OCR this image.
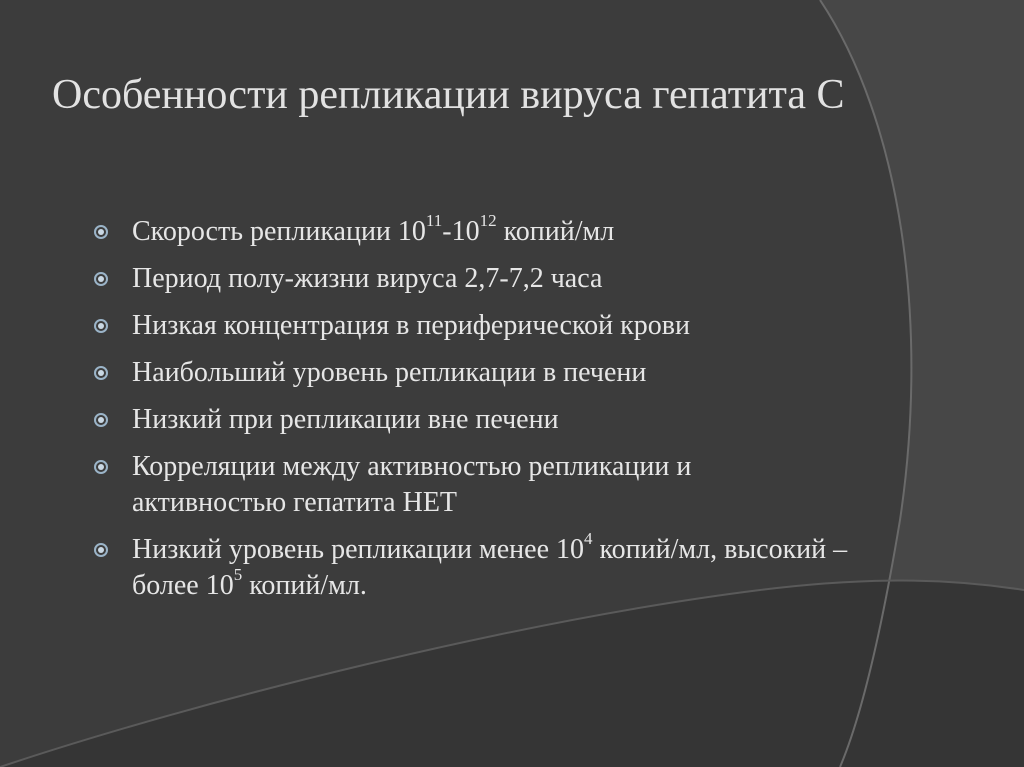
Особенности репликации вируса гепатита С
Скорость репликации $10^{11}-10^{12}$ копий/мл
Период полу-жизни вируса 2,7-7,2 часа
Низкая концентрация в периферической крови
Наибольший уровень репликации в печени
Низкий при репликации вне печени
Корреляции между активностью репликации и активностью гепатита НЕТ
Низкий уровень репликации менее $10^4$ копий/мл, высокий – более $10^5$ копий/мл.
